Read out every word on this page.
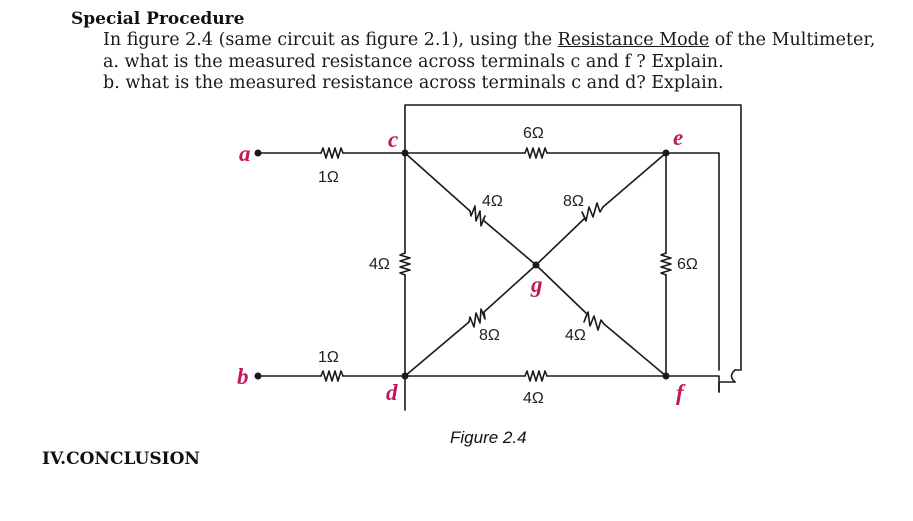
Special Procedure
In figure 2.4 (same circuit as figure 2.1), using the Resistance Mode of the Multimeter,
a. what is the measured resistance across terminals c and f ? Explain.
b. what is the measured resistance across terminals c and d? Explain.
a
b
c
d
e
f
g
1Ω
1Ω
4Ω
6Ω
6Ω
4Ω
4Ω	8Ω
8Ω	4Ω
Figure 2.4
IV.CONCLUSION
